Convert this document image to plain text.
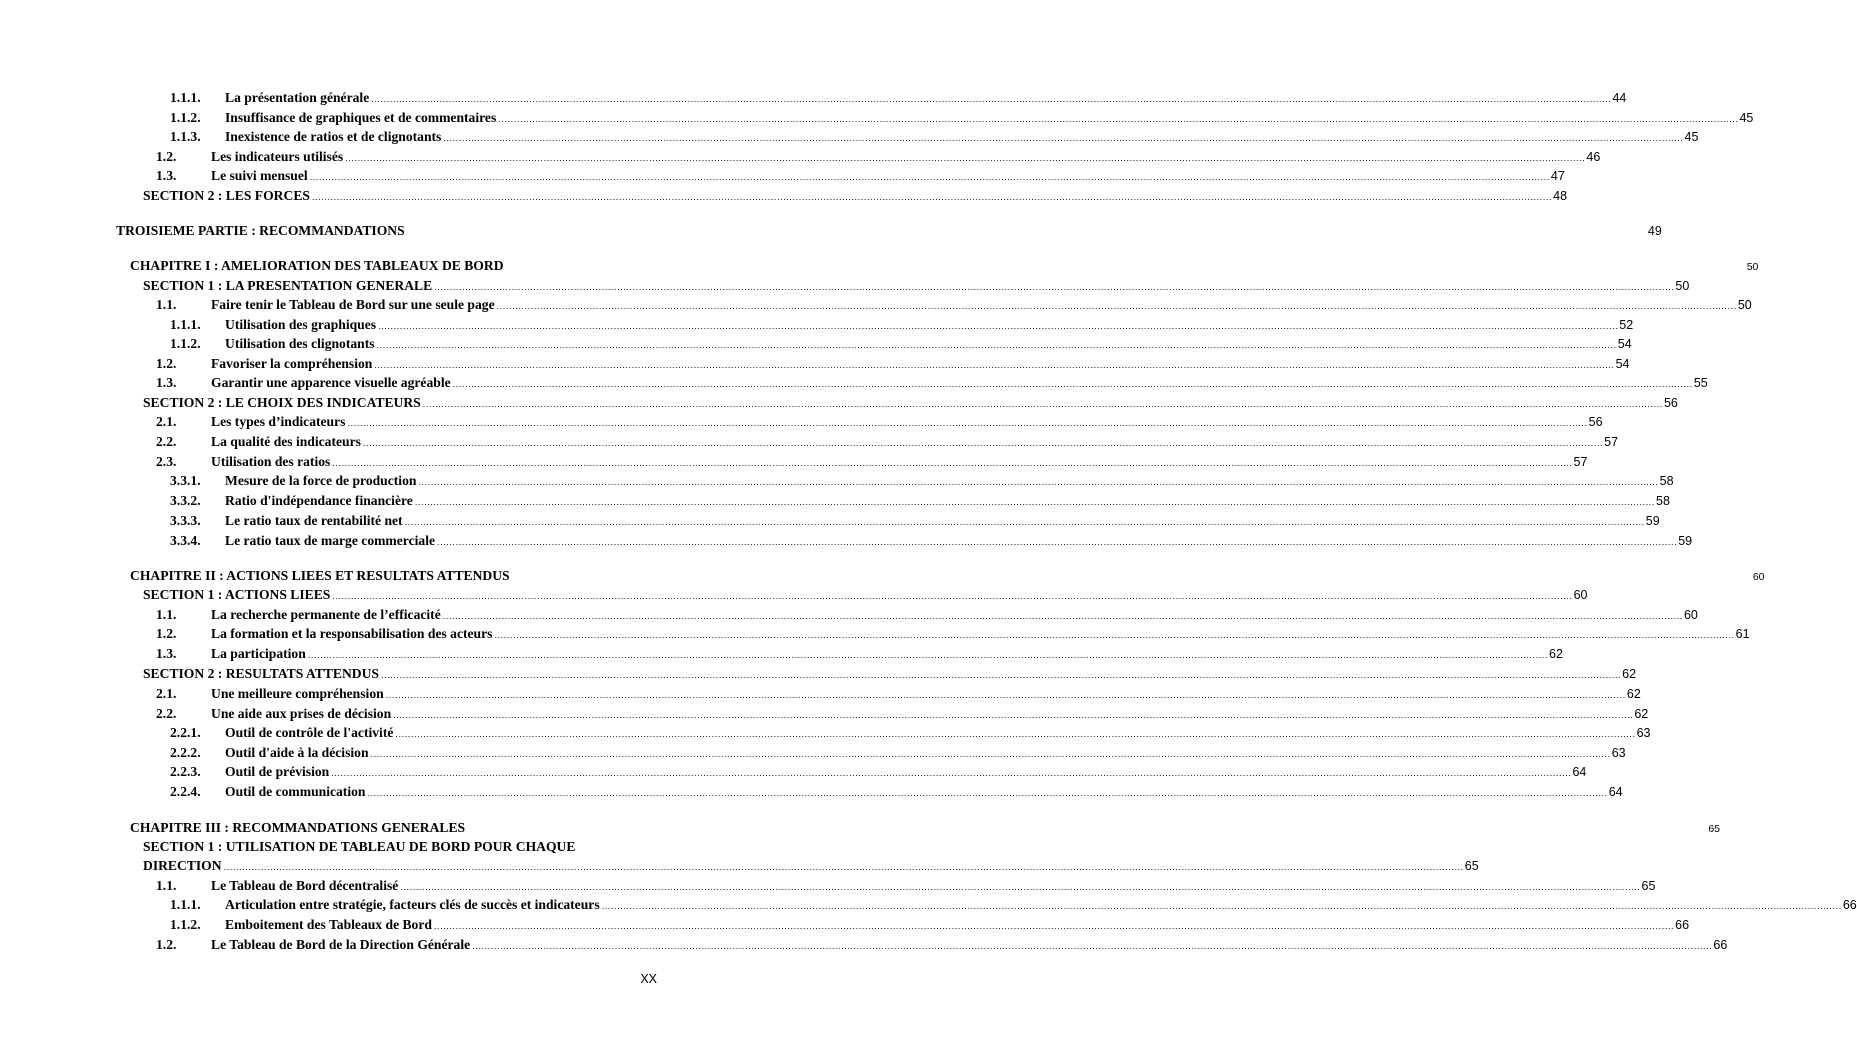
1.1.1. La présentation générale ................................................................................................................................................................................................................................................................................................................................................................................................................ 44
1.1.2. Insuffisance de graphiques et de commentaires ................................................................................................................................................................................................................................................................................................................................................................................................................ 45
1.1.3. Inexistence de ratios et de clignotants ................................................................................................................................................................................................................................................................................................................................................................................................................ 45
1.2.	Les indicateurs utilisés ................................................................................................................................................................................................................................................................................................................................................................................................................ 46
1.3.	Le suivi mensuel ................................................................................................................................................................................................................................................................................................................................................................................................................ 47
SECTION 2 : LES FORCES ................................................................................................................................................................................................................................................................................................................................................................................................................ 48
TROISIEME PARTIE : RECOMMANDATIONS	49
CHAPITRE I : AMELIORATION DES TABLEAUX DE BORD	50
SECTION 1 : LA PRESENTATION GENERALE ................................................................................................................................................................................................................................................................................................................................................................................................................ 50
1.1.	Faire tenir le Tableau de Bord sur une seule page ................................................................................................................................................................................................................................................................................................................................................................................................................ 50
1.1.1. Utilisation des graphiques ................................................................................................................................................................................................................................................................................................................................................................................................................ 52
1.1.2. Utilisation des clignotants ................................................................................................................................................................................................................................................................................................................................................................................................................ 54
1.2.	Favoriser la compréhension ................................................................................................................................................................................................................................................................................................................................................................................................................ 54
1.3.	Garantir une apparence visuelle agréable ................................................................................................................................................................................................................................................................................................................................................................................................................ 55
SECTION 2 : LE CHOIX DES INDICATEURS ................................................................................................................................................................................................................................................................................................................................................................................................................ 56
2.1.	Les types d’indicateurs ................................................................................................................................................................................................................................................................................................................................................................................................................ 56
2.2.	La qualité des indicateurs ................................................................................................................................................................................................................................................................................................................................................................................................................ 57
2.3.	Utilisation des ratios ................................................................................................................................................................................................................................................................................................................................................................................................................ 57
3.3.1. Mesure de la force de production ................................................................................................................................................................................................................................................................................................................................................................................................................ 58
3.3.2. Ratio d'indépendance financière ................................................................................................................................................................................................................................................................................................................................................................................................................ 58
3.3.3. Le ratio taux de rentabilité net ................................................................................................................................................................................................................................................................................................................................................................................................................ 59
3.3.4. Le ratio taux de marge commerciale ................................................................................................................................................................................................................................................................................................................................................................................................................ 59
CHAPITRE II : ACTIONS LIEES ET RESULTATS ATTENDUS	60
SECTION 1 : ACTIONS LIEES ................................................................................................................................................................................................................................................................................................................................................................................................................ 60
1.1.	La recherche permanente de l’efficacité ................................................................................................................................................................................................................................................................................................................................................................................................................ 60
1.2.	La formation et la responsabilisation des acteurs ................................................................................................................................................................................................................................................................................................................................................................................................................ 61
1.3.	La participation ................................................................................................................................................................................................................................................................................................................................................................................................................ 62
SECTION 2 : RESULTATS ATTENDUS ................................................................................................................................................................................................................................................................................................................................................................................................................ 62
2.1.	Une meilleure compréhension ................................................................................................................................................................................................................................................................................................................................................................................................................ 62
2.2.	Une aide aux prises de décision ................................................................................................................................................................................................................................................................................................................................................................................................................ 62
2.2.1. Outil de contrôle de l'activité ................................................................................................................................................................................................................................................................................................................................................................................................................ 63
2.2.2. Outil d'aide à la décision ................................................................................................................................................................................................................................................................................................................................................................................................................ 63
2.2.3. Outil de prévision ................................................................................................................................................................................................................................................................................................................................................................................................................ 64
2.2.4. Outil de communication ................................................................................................................................................................................................................................................................................................................................................................................................................ 64
CHAPITRE III : RECOMMANDATIONS GENERALES	65
SECTION 1 : UTILISATION DE TABLEAU DE BORD POUR CHAQUE
DIRECTION ................................................................................................................................................................................................................................................................................................................................................................................................................ 65
1.1.	Le Tableau de Bord décentralisé ................................................................................................................................................................................................................................................................................................................................................................................................................ 65
1.1.1. Articulation entre stratégie, facteurs clés de succès et indicateurs ................................................................................................................................................................................................................................................................................................................................................................................................................ 66
1.1.2. Emboitement des Tableaux de Bord ................................................................................................................................................................................................................................................................................................................................................................................................................ 66
1.2.	Le Tableau de Bord de la Direction Générale ................................................................................................................................................................................................................................................................................................................................................................................................................ 66
XX
